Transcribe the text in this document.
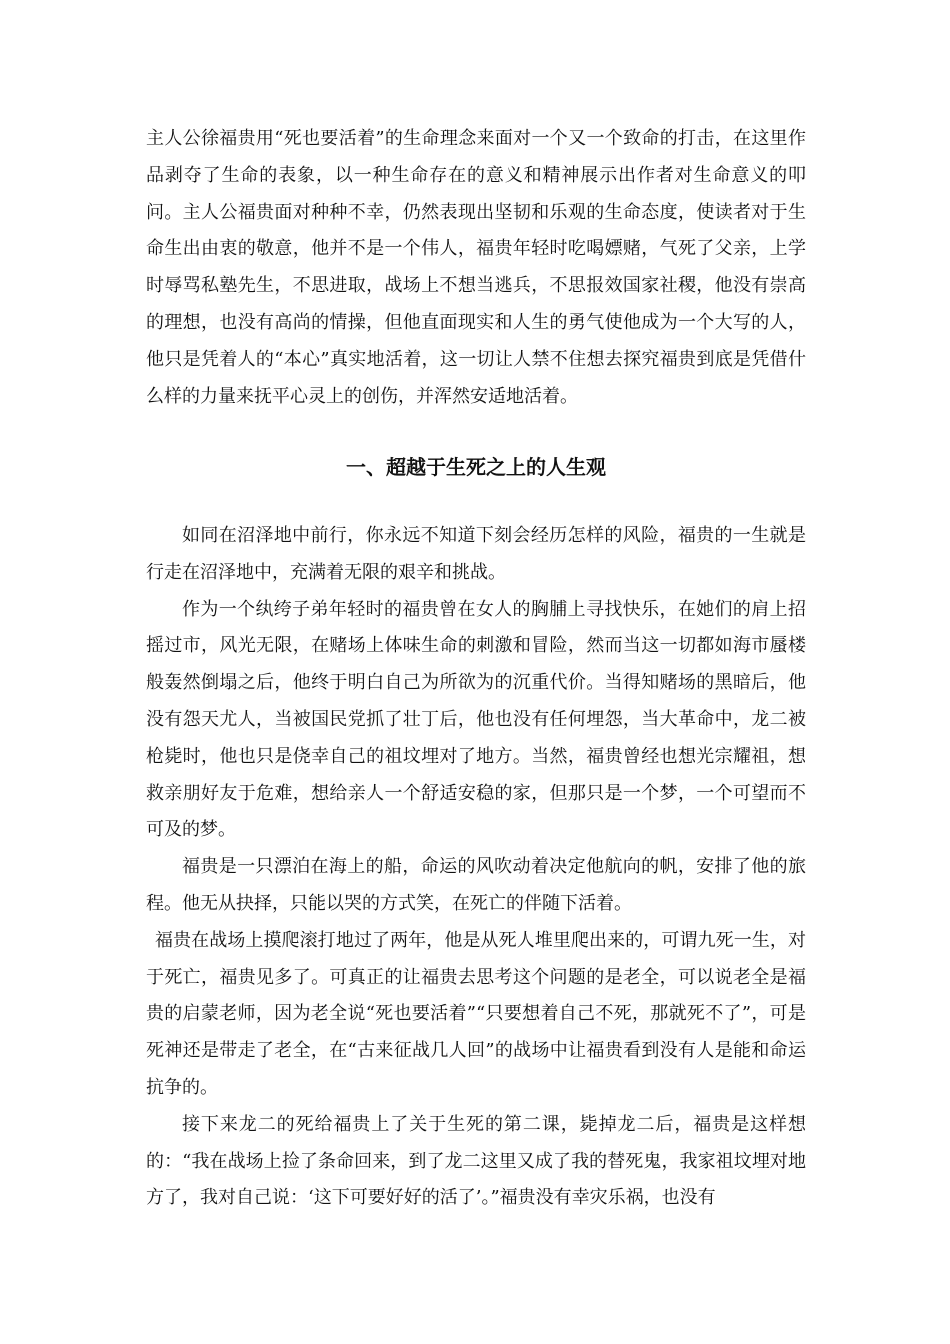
主人公徐福贵用“死也要活着”的生命理念来面对一个又一个致命的打击，在这里作品剥夺了生命的表象，以一种生命存在的意义和精神展示出作者对生命意义的叩问。主人公福贵面对种种不幸，仍然表现出坚韧和乐观的生命态度，使读者对于生命生出由衷的敬意，他并不是一个伟人，福贵年轻时吃喝嫖赌，气死了父亲，上学时辱骂私塾先生，不思进取，战场上不想当逃兵，不思报效国家社稷，他没有崇高的理想，也没有高尚的情操，但他直面现实和人生的勇气使他成为一个大写的人，他只是凭着人的“本心”真实地活着，这一切让人禁不住想去探究福贵到底是凭借什么样的力量来抚平心灵上的创伤，并浑然安适地活着。

一、超越于生死之上的人生观

如同在沼泽地中前行，你永远不知道下刻会经历怎样的风险，福贵的一生就是行走在沼泽地中，充满着无限的艰辛和挑战。

作为一个纨绔子弟年轻时的福贵曾在女人的胸脯上寻找快乐，在她们的肩上招摇过市，风光无限，在赌场上体味生命的刺激和冒险，然而当这一切都如海市蜃楼般轰然倒塌之后，他终于明白自己为所欲为的沉重代价。当得知赌场的黑暗后，他没有怨天尤人，当被国民党抓了壮丁后，他也没有任何埋怨，当大革命中，龙二被枪毙时，他也只是侥幸自己的祖坟埋对了地方。当然，福贵曾经也想光宗耀祖，想救亲朋好友于危难，想给亲人一个舒适安稳的家，但那只是一个梦，一个可望而不可及的梦。

福贵是一只漂泊在海上的船，命运的风吹动着决定他航向的帆，安排了他的旅程。他无从抉择，只能以哭的方式笑，在死亡的伴随下活着。

福贵在战场上摸爬滚打地过了两年，他是从死人堆里爬出来的，可谓九死一生，对于死亡，福贵见多了。可真正的让福贵去思考这个问题的是老全，可以说老全是福贵的启蒙老师，因为老全说“死也要活着”“只要想着自己不死，那就死不了”，可是死神还是带走了老全，在“古来征战几人回”的战场中让福贵看到没有人是能和命运抗争的。

接下来龙二的死给福贵上了关于生死的第二课，毙掉龙二后，福贵是这样想的：“我在战场上捡了条命回来，到了龙二这里又成了我的替死鬼，我家祖坟埋对地方了，我对自己说：‘这下可要好好的活了’。”福贵没有幸灾乐祸，也没有
